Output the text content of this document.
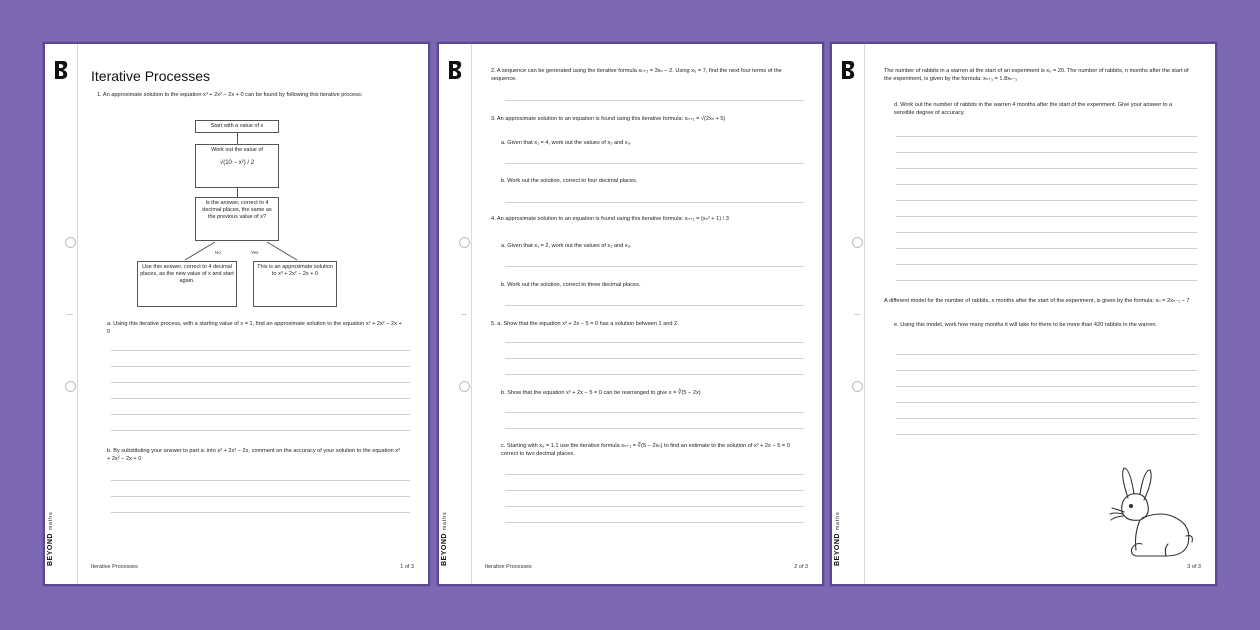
BEYONDmaths
Iterative Processes
1. An approximate solution to the equation x³ + 2x² − 2x + 0 can be found by following this iterative process:
Start with a value of x
Work out the value of
√(10 − x²) / 2
Is the answer, correct to 4 decimal places, the same as the previous value of x?
No	Yes
Use this answer, correct to 4 decimal places, as the new value of x and start again.
This is an approximate solution to x³ + 2x² − 2x + 0
a. Using this iterative process, with a starting value of x = 1, find an approximate solution to the equation x³ + 2x² − 2x + 0
b. By substituting your answer to part a. into x³ + 2x² − 2x, comment on the accuracy of your solution to the equation x³ + 2x² − 2x + 0
Iterative Processes	1 of 3
BEYONDmaths
2. A sequence can be generated using the iterative formula xₙ₊₁ = 3xₙ − 2. Using x₀ = 7, find the next four terms of the sequence.
3. An approximate solution to an equation is found using this iterative formula: xₙ₊₁ = √(2xₙ + 5)
a. Given that x₁ = 4, work out the values of x₂ and x₃.
b. Work out the solution, correct to four decimal places.
4. An approximate solution to an equation is found using this iterative formula: xₙ₊₁ = (xₙ³ + 1) / 3
a. Given that x₁ = 2, work out the values of x₂ and x₃.
b. Work out the solution, correct to three decimal places.
5. a. Show that the equation x³ + 2x − 5 = 0 has a solution between 1 and 2.
b. Show that the equation x³ + 2x − 5 = 0 can be rearranged to give x = ∛(5 − 2x)
c. Starting with x₀ = 1.1 use the iterative formula xₙ₊₁ = ∛(5 − 2xₙ) to find an estimate to the solution of x³ + 2x − 5 = 0 correct to two decimal places.
Iterative Processes	2 of 3
BEYONDmaths
The number of rabbits in a warren at the start of an experiment is x₀ = 20. The number of rabbits, n months after the start of the experiment, is given by the formula: xₙ₊₁ = 1.8xₙ₋₁
d. Work out the number of rabbits in the warren 4 months after the start of the experiment. Give your answer to a sensible degree of accuracy.
A different model for the number of rabbits, x months after the start of the experiment, is given by the formula: xₙ = 2xₙ₋₁ − 7
e. Using this model, work how many months it will take for there to be more than 420 rabbits in the warren.
3 of 3
